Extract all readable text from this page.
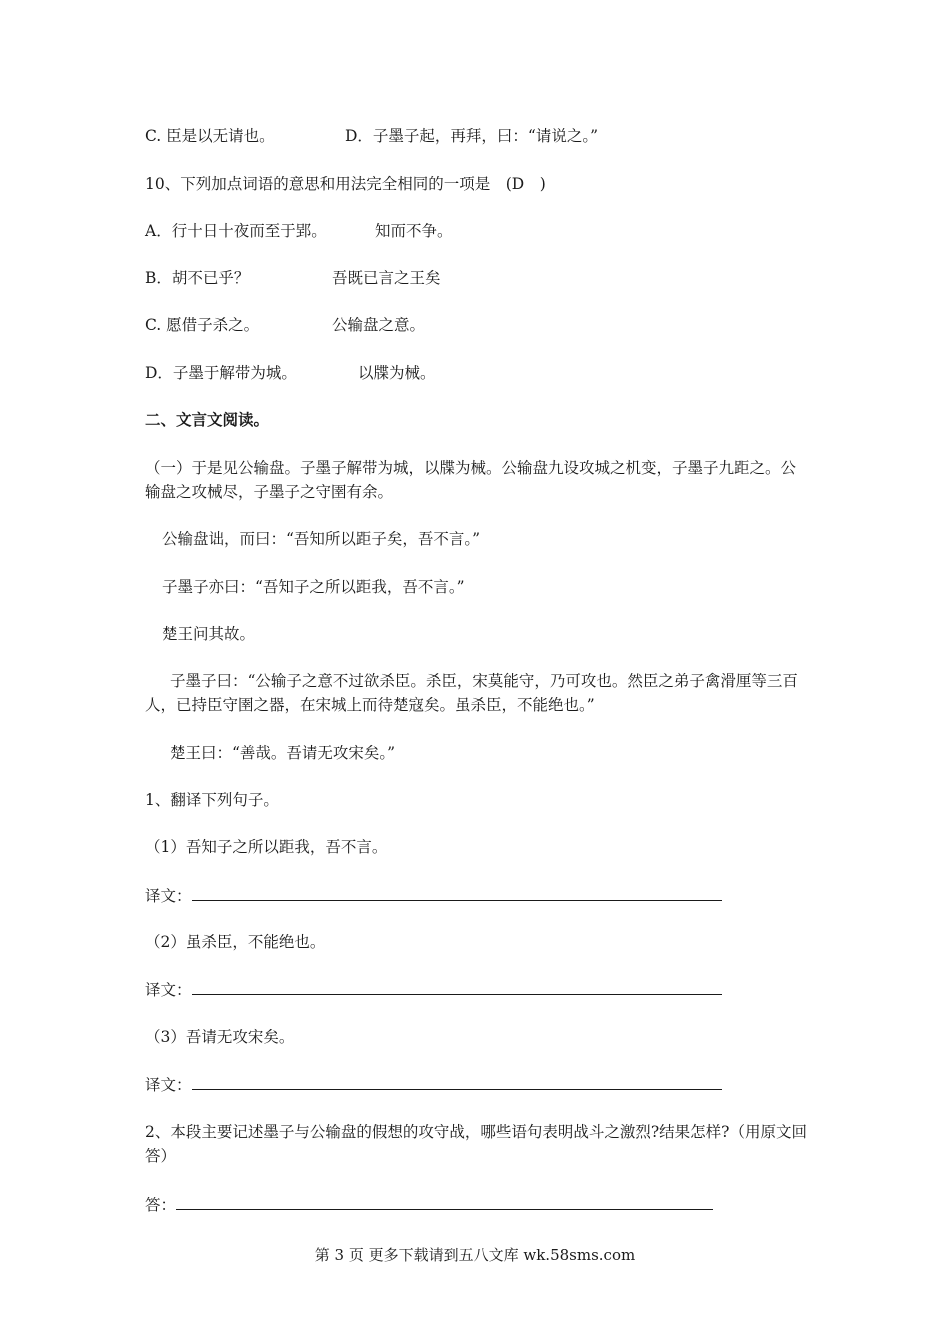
C. 臣是以无请也。	D．子墨子起，再拜，曰：“请说之。”
10、下列加点词语的意思和用法完全相同的一项是　(D　)
A．行十日十夜而至于郢。	知而不争。
B．胡不已乎？	吾既已言之王矣
C. 愿借子杀之。	公输盘之意。
D．子墨于解带为城。	以牒为械。
二、文言文阅读。
（一）于是见公输盘。子墨子解带为城，以牒为械。公输盘九设攻城之机变，子墨子九距之。公输盘之攻械尽，子墨子之守圉有余。
公输盘诎，而曰：“吾知所以距子矣，吾不言。”
子墨子亦曰：“吾知子之所以距我，吾不言。”
楚王问其故。
子墨子曰：“公输子之意不过欲杀臣。杀臣，宋莫能守，乃可攻也。然臣之弟子禽滑厘等三百人，已持臣守圉之器，在宋城上而待楚寇矣。虽杀臣，不能绝也。”
楚王曰：“善哉。吾请无攻宋矣。”
1、翻译下列句子。
（1）吾知子之所以距我，吾不言。
译文：
（2）虽杀臣，不能绝也。
译文：
（3）吾请无攻宋矣。
译文：
2、本段主要记述墨子与公输盘的假想的攻守战，哪些语句表明战斗之激烈?结果怎样?（用原文回答）
答：
第 3 页 更多下载请到五八文库 wk.58sms.com
